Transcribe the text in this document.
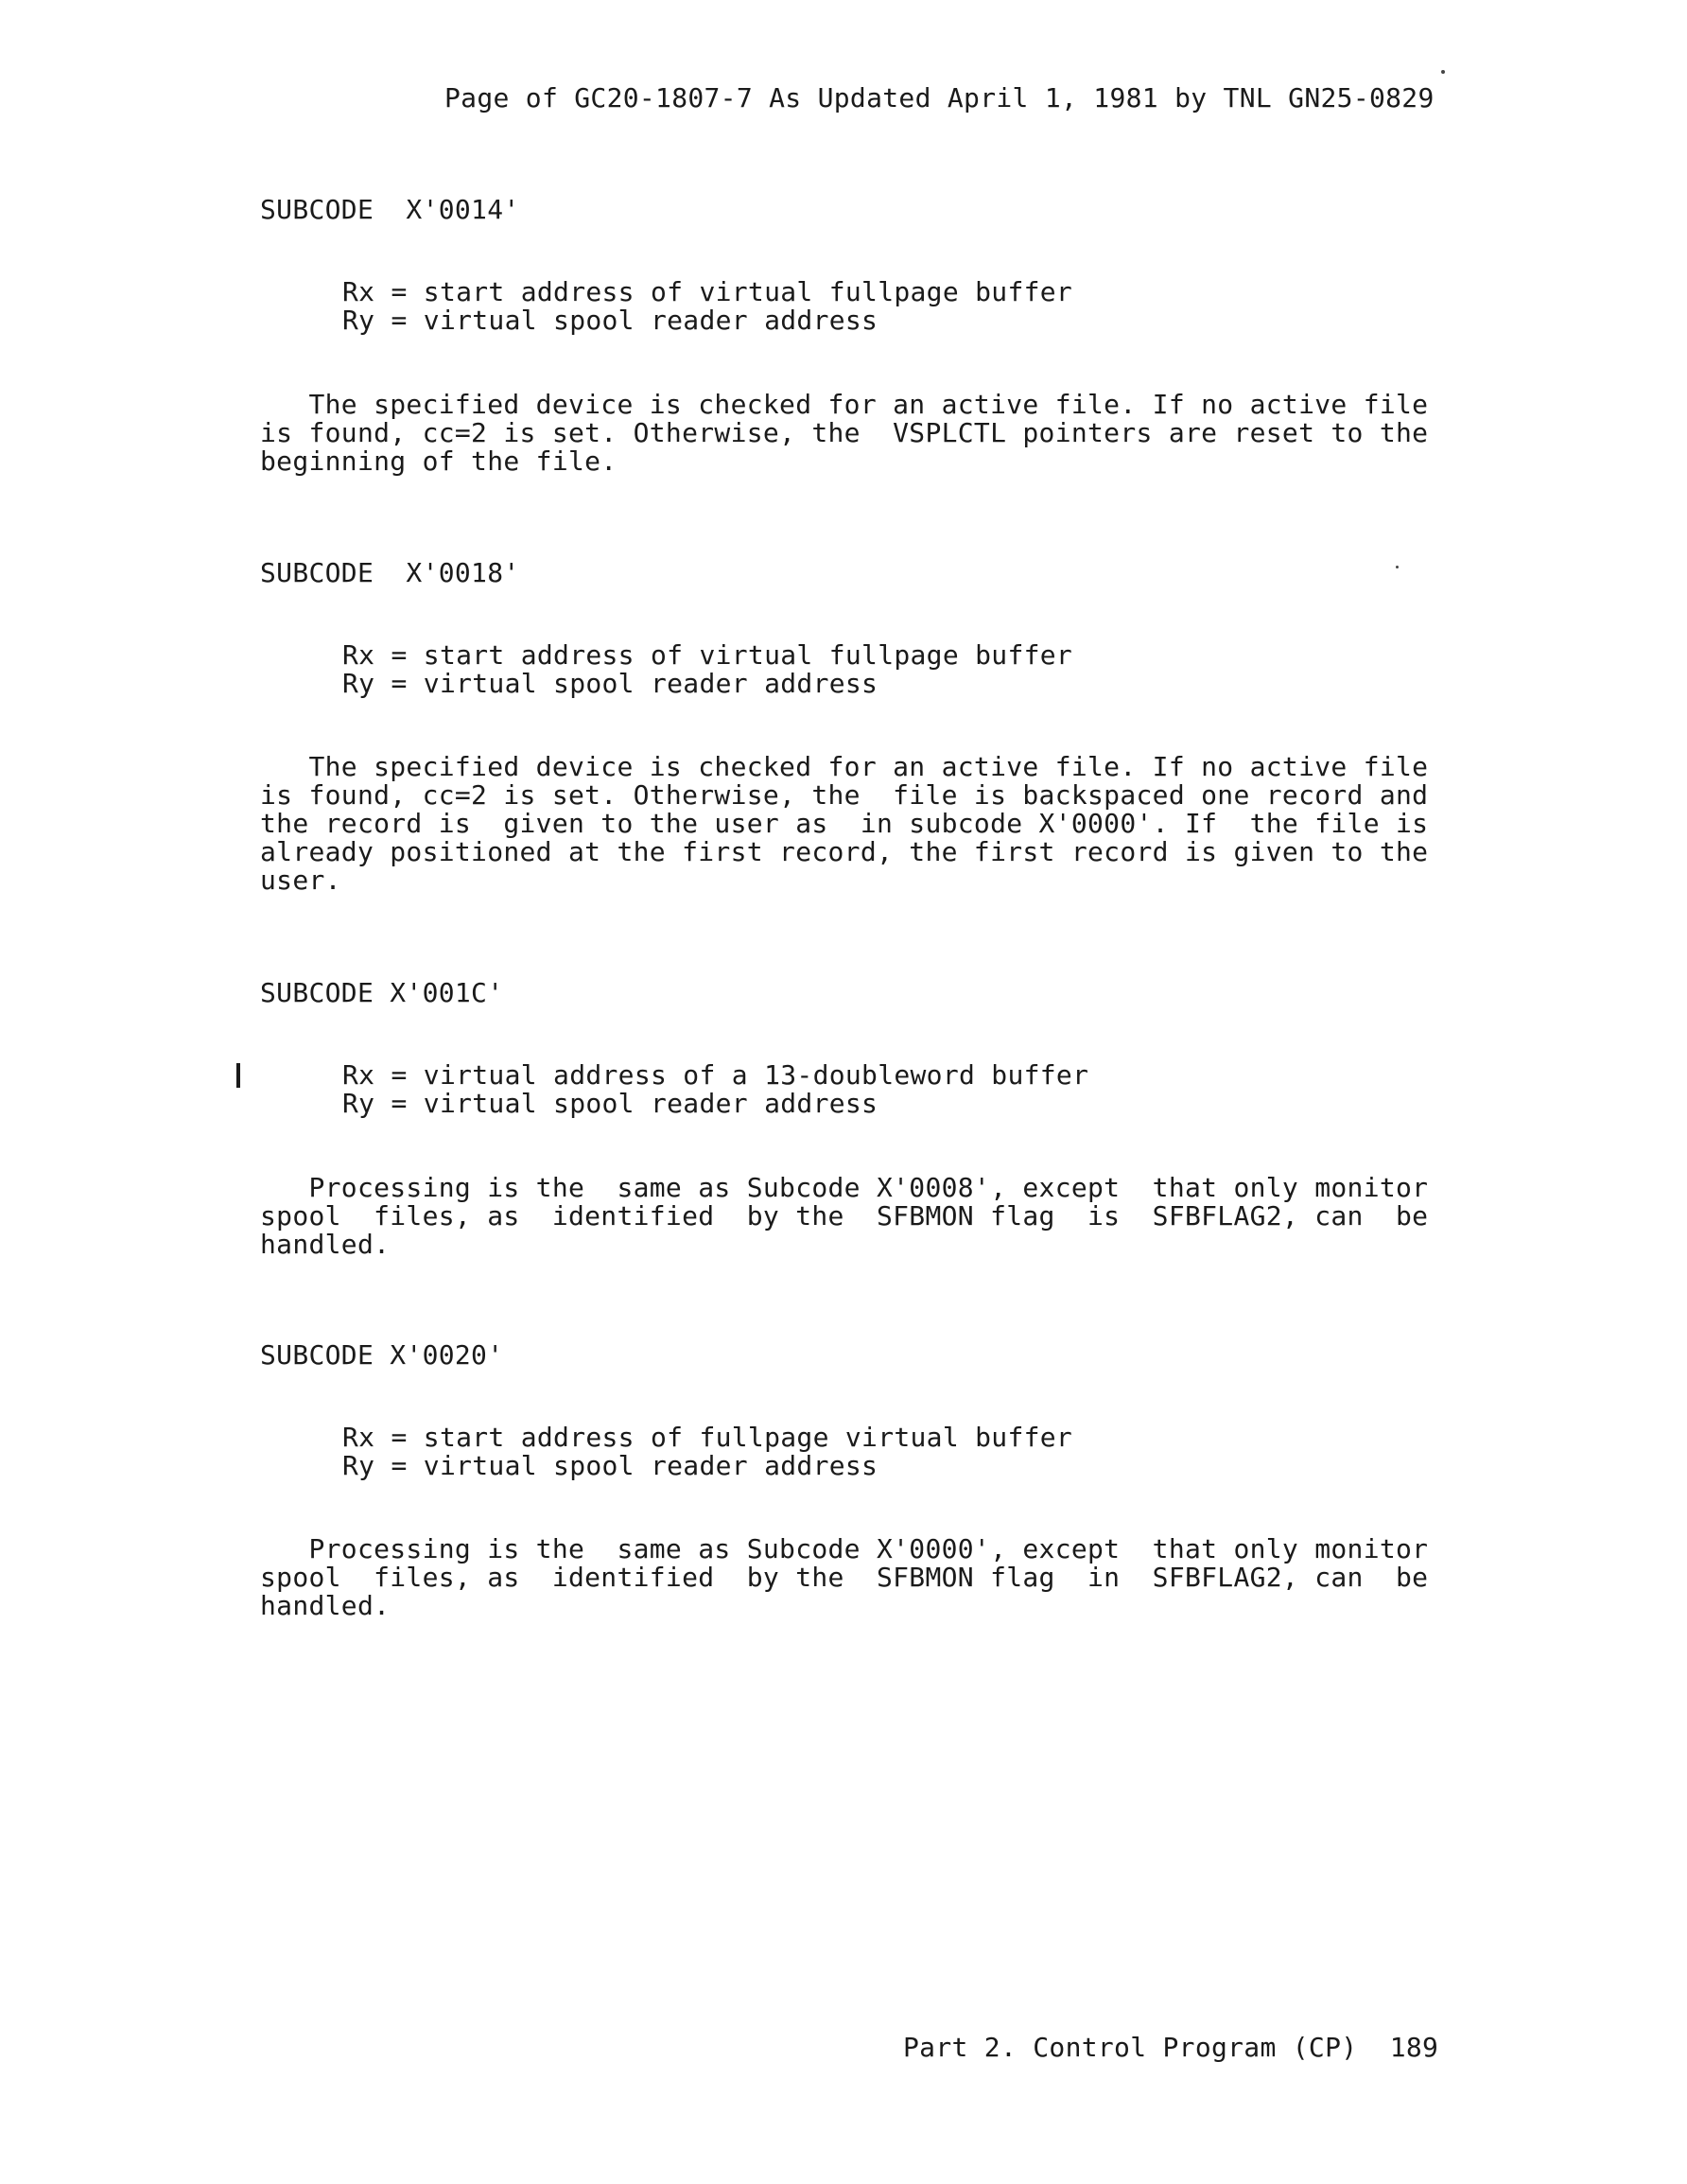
Page of GC20-1807-7 As Updated April 1, 1981 by TNL GN25-0829
SUBCODE  X'0014'
Rx = start address of virtual fullpage buffer
Ry = virtual spool reader address
The specified device is checked for an active file. If no active file
is found, cc=2 is set. Otherwise, the  VSPLCTL pointers are reset to the
beginning of the file.
SUBCODE  X'0018'
Rx = start address of virtual fullpage buffer
Ry = virtual spool reader address
The specified device is checked for an active file. If no active file
is found, cc=2 is set. Otherwise, the  file is backspaced one record and
the record is  given to the user as  in subcode X'0000'. If  the file is
already positioned at the first record, the first record is given to the
user.
SUBCODE X'001C'
Rx = virtual address of a 13-doubleword buffer
Ry = virtual spool reader address
Processing is the  same as Subcode X'0008', except  that only monitor
spool  files, as  identified  by the  SFBMON flag  is  SFBFLAG2, can  be
handled.
SUBCODE X'0020'
Rx = start address of fullpage virtual buffer
Ry = virtual spool reader address
Processing is the  same as Subcode X'0000', except  that only monitor
spool  files, as  identified  by the  SFBMON flag  in  SFBFLAG2, can  be
handled.
Part 2. Control Program (CP)  189
